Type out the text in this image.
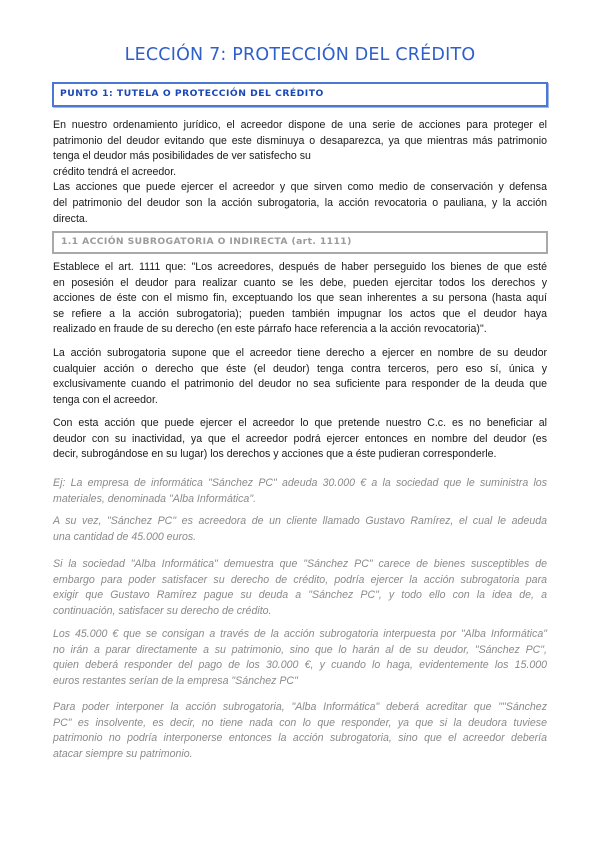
LECCIÓN 7: PROTECCIÓN DEL CRÉDITO
PUNTO 1: TUTELA O PROTECCIÓN DEL CRÉDITO
En nuestro ordenamiento jurídico, el acreedor dispone de una serie de acciones para proteger el
patrimonio del deudor evitando que este disminuya o desaparezca, ya que mientras más patrimonio
tenga el deudor más posibilidades de ver satisfecho su
crédito tendrá el acreedor.
Las acciones que puede ejercer el acreedor y que sirven como medio de conservación y defensa
del patrimonio del deudor son la acción subrogatoria, la acción revocatoria o pauliana, y la acción
directa.
1.1 ACCIÓN SUBROGATORIA O INDIRECTA (art. 1111)
Establece el art. 1111 que: "Los acreedores, después de haber perseguido los bienes de que esté
en posesión el deudor para realizar cuanto se les debe, pueden ejercitar todos los derechos y
acciones de éste con el mismo fin, exceptuando los que sean inherentes a su persona (hasta aquí
se refiere a la acción subrogatoria); pueden también impugnar los actos que el deudor haya
realizado en fraude de su derecho (en este párrafo hace referencia a la acción revocatoria)".
La acción subrogatoria supone que el acreedor tiene derecho a ejercer en nombre de su deudor
cualquier acción o derecho que éste (el deudor) tenga contra terceros, pero eso sí, única y
exclusivamente cuando el patrimonio del deudor no sea suficiente para responder de la deuda que
tenga con el acreedor.
Con esta acción que puede ejercer el acreedor lo que pretende nuestro C.c. es no beneficiar al
deudor con su inactividad, ya que el acreedor podrá ejercer entonces en nombre del deudor (es
decir, subrogándose en su lugar) los derechos y acciones que a éste pudieran corresponderle.
Ej: La empresa de informática "Sánchez PC" adeuda 30.000 € a la sociedad que le suministra los
materiales, denominada "Alba Informática".
A su vez, "Sánchez PC" es acreedora de un cliente llamado Gustavo Ramírez, el cual le adeuda
una cantidad de 45.000 euros.
Si la sociedad "Alba Informática" demuestra que "Sánchez PC" carece de bienes susceptibles de
embargo para poder satisfacer su derecho de crédito, podría ejercer la acción subrogatoria para
exigir que Gustavo Ramírez pague su deuda a "Sánchez PC", y todo ello con la idea de, a
continuación, satisfacer su derecho de crédito.
Los 45.000 € que se consigan a través de la acción subrogatoria interpuesta por "Alba Informática"
no irán a parar directamente a su patrimonio, sino que lo harán al de su deudor, "Sánchez PC",
quien deberá responder del pago de los 30.000 €, y cuando lo haga, evidentemente los 15.000
euros restantes serían de la empresa "Sánchez PC"
Para poder interponer la acción subrogatoria, "Alba Informática" deberá acreditar que ""Sánchez
PC" es insolvente, es decir, no tiene nada con lo que responder, ya que si la deudora tuviese
patrimonio no podría interponerse entonces la acción subrogatoria, sino que el acreedor debería
atacar siempre su patrimonio.
